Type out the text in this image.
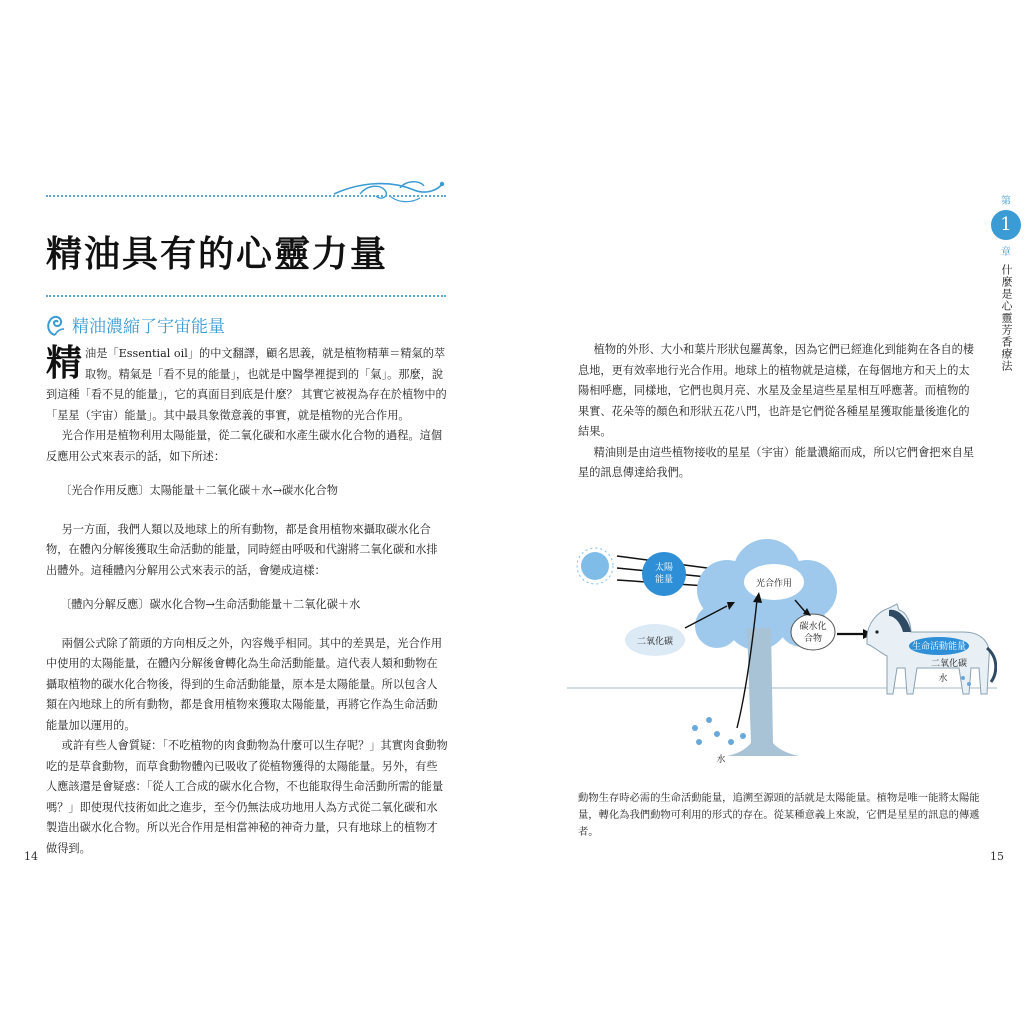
精油具有的心靈力量
精油濃縮了宇宙能量

精 油是「Essential oil」的中文翻譯，顧名思義，就是植物精華＝精氣的萃取物。精氣是「看不見的能量」，也就是中醫學裡提到的「氣」。那麼，說到這種「看不見的能量」，它的真面目到底是什麼？ 其實它被視為存在於植物中的「星星（宇宙）能量」。其中最具象徵意義的事實，就是植物的光合作用。

光合作用是植物利用太陽能量，從二氧化碳和水產生碳水化合物的過程。這個反應用公式來表示的話，如下所述：

〔光合作用反應〕太陽能量＋二氧化碳＋水→碳水化合物

另一方面，我們人類以及地球上的所有動物，都是食用植物來攝取碳水化合物，在體內分解後獲取生命活動的能量，同時經由呼吸和代謝將二氧化碳和水排出體外。這種體內分解用公式來表示的話，會變成這樣：

〔體內分解反應〕碳水化合物→生命活動能量＋二氧化碳＋水

兩個公式除了箭頭的方向相反之外，內容幾乎相同。其中的差異是，光合作用中使用的太陽能量，在體內分解後會轉化為生命活動能量。這代表人類和動物在攝取植物的碳水化合物後，得到的生命活動能量，原本是太陽能量。所以包含人類在內地球上的所有動物，都是食用植物來獲取太陽能量，再將它作為生命活動能量加以運用的。

或許有些人會質疑：「不吃植物的肉食動物為什麼可以生存呢？」其實肉食動物吃的是草食動物，而草食動物體內已吸收了從植物獲得的太陽能量。另外，有些人應該還是會疑惑：「從人工合成的碳水化合物，不也能取得生命活動所需的能量嗎？」即使現代技術如此之進步，至今仍無法成功地用人為方式從二氧化碳和水製造出碳水化合物。所以光合作用是相當神秘的神奇力量，只有地球上的植物才做得到。

14

植物的外形、大小和葉片形狀包羅萬象，因為它們已經進化到能夠在各自的棲息地，更有效率地行光合作用。地球上的植物就是這樣，在每個地方和天上的太陽相呼應，同樣地，它們也與月亮、水星及金星這些星星相互呼應著。而植物的果實、花朵等的顏色和形狀五花八門，也許是它們從各種星星獲取能量後進化的結果。

精油則是由這些植物接收的星星（宇宙）能量濃縮而成，所以它們會把來自星星的訊息傳達給我們。

太陽
能量	光合作用
二氧化碳
碳水化
合物
水
生命活動能量
二氧化碳
水
動物生存時必需的生命活動能量，追溯至源頭的話就是太陽能量。植物是唯一能將太陽能量，轉化為我們動物可利用的形式的存在。從某種意義上來說，它們是星星的訊息的傳遞者。
15
第
1
章
什麼是心靈芳香療法
